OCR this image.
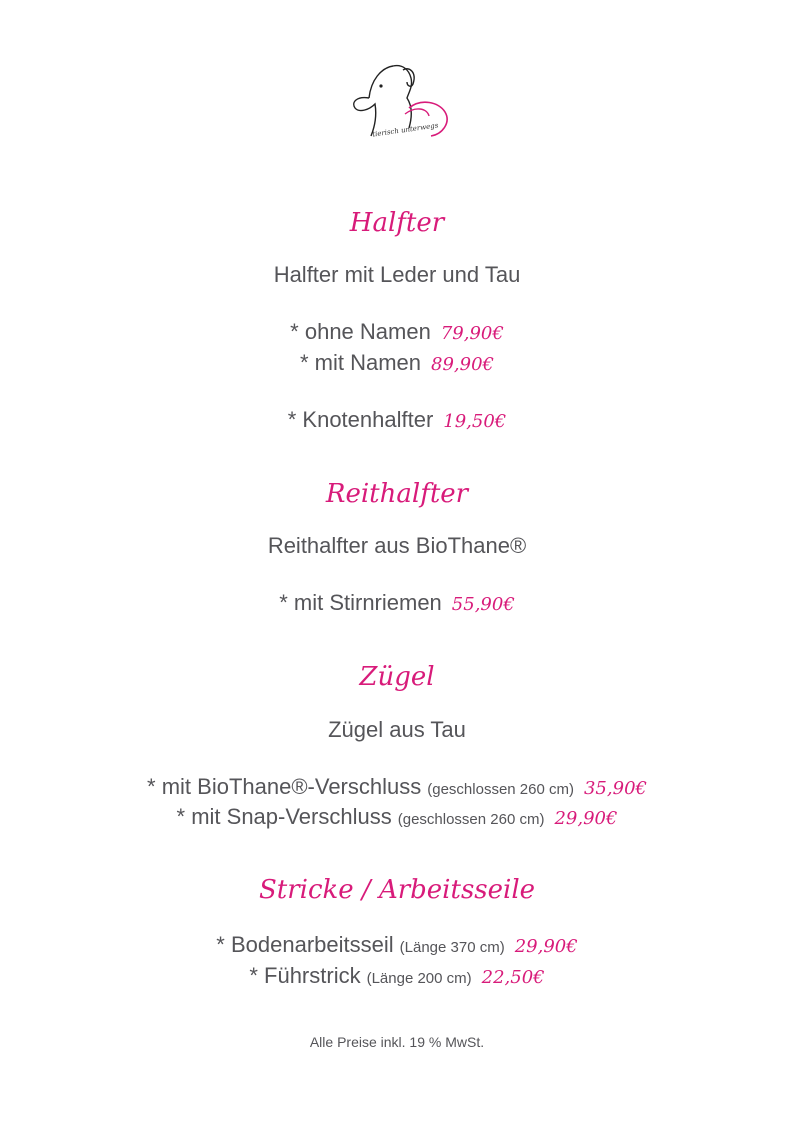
tierisch unterwegs
Halfter
Halfter mit Leder und Tau
* ohne Namen 79,90€
* mit Namen 89,90€
* Knotenhalfter 19,50€
Reithalfter
Reithalfter aus BioThane®
* mit Stirnriemen 55,90€
Zügel
Zügel aus Tau
* mit BioThane®-Verschluss (geschlossen 260 cm) 35,90€
* mit Snap-Verschluss (geschlossen 260 cm) 29,90€
Stricke / Arbeitsseile
* Bodenarbeitsseil (Länge 370 cm) 29,90€
* Führstrick (Länge 200 cm) 22,50€
Alle Preise inkl. 19 % MwSt.
